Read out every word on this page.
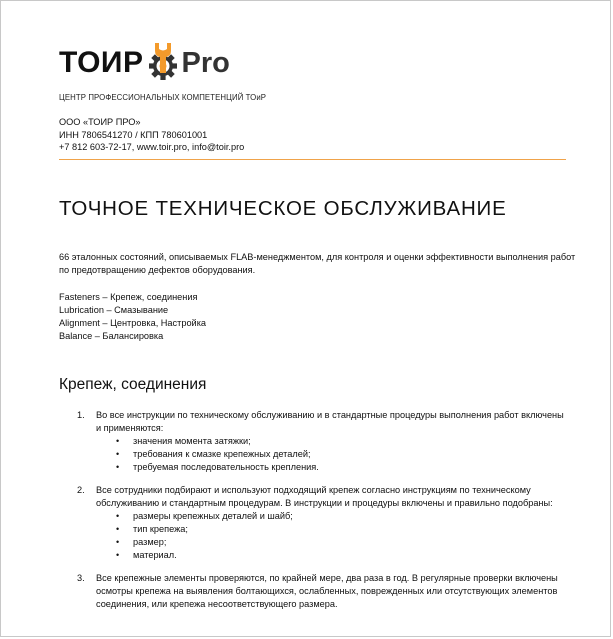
ТОИР Pro
ЦЕНТР ПРОФЕССИОНАЛЬНЫХ КОМПЕТЕНЦИЙ ТОиР
ООО «ТОИР ПРО»
ИНН 7806541270 / КПП 780601001
+7 812 603-72-17, www.toir.pro, info@toir.pro
ТОЧНОЕ ТЕХНИЧЕСКОЕ ОБСЛУЖИВАНИЕ

66 эталонных состояний, описываемых FLAB-менеджментом, для контроля и оценки эффективности выполнения работ по предотвращению дефектов оборудования.

Fasteners – Крепеж, соединения
Lubrication – Смазывание
Alignment – Центровка, Настройка
Balance – Балансировка
Крепеж, соединения
1. Во все инструкции по техническому обслуживанию и в стандартные процедуры выполнения работ включены и применяются:
• значения момента затяжки;
• требования к смазке крепежных деталей;
• требуемая последовательность крепления.
2. Все сотрудники подбирают и используют подходящий крепеж согласно инструкциям по техническому обслуживанию и стандартным процедурам. В инструкции и процедуры включены и правильно подобраны:
• размеры крепежных деталей и шайб;
• тип крепежа;
• размер;
• материал.
3. Все крепежные элементы проверяются, по крайней мере, два раза в год. В регулярные проверки включены осмотры крепежа на выявления болтающихся, ослабленных, поврежденных или отсутствующих элементов соединения, или крепежа несоответствующего размера.
